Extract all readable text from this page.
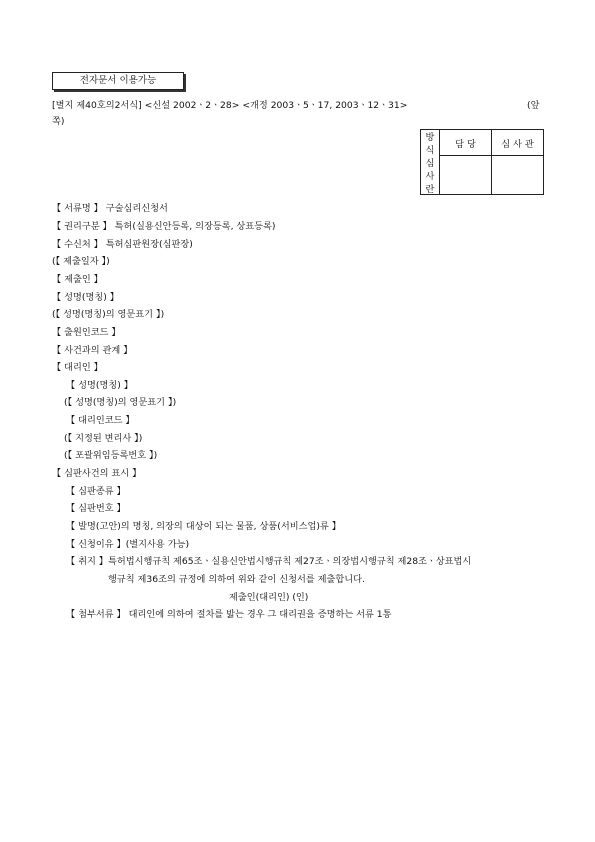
전자문서 이용가능
[별지 제40호의2서식] <신설 2002ㆍ2ㆍ28> <개정 2003ㆍ5ㆍ17, 2003ㆍ12ㆍ31>	(앞
쪽)
방
식
심
사
란	담 당	심 사 관

【 서류명 】 구술심리신청서
【 권리구분 】 특허(실용신안등록, 의장등록, 상표등록)
【 수신처 】 특허심판원장(심판장)
(【 제출일자 】)
【 제출인 】
【 성명(명칭) 】
(【 성명(명칭)의 영문표기 】)
【 출원인코드 】
【 사건과의 관계 】
【 대리인 】
【 성명(명칭) 】
(【 성명(명칭)의 영문표기 】)
【 대리인코드 】
(【 지정된 변리사 】)
(【 포괄위임등록번호 】)
【 심판사건의 표시 】
【 심판종류 】
【 심판번호 】
【 발명(고안)의 명칭, 의장의 대상이 되는 물품, 상품(서비스업)류 】
【 신청이유 】(별지사용 가능)
【 취지 】특허법시행규칙 제65조ㆍ실용신안법시행규칙 제27조ㆍ의장법시행규칙 제28조ㆍ상표법시
행규칙 제36조의 규정에 의하여 위와 같이 신청서를 제출합니다.
제출인(대리인) (인)
【 첨부서류 】 대리인에 의하여 절차를 밟는 경우 그 대리권을 증명하는 서류 1통
